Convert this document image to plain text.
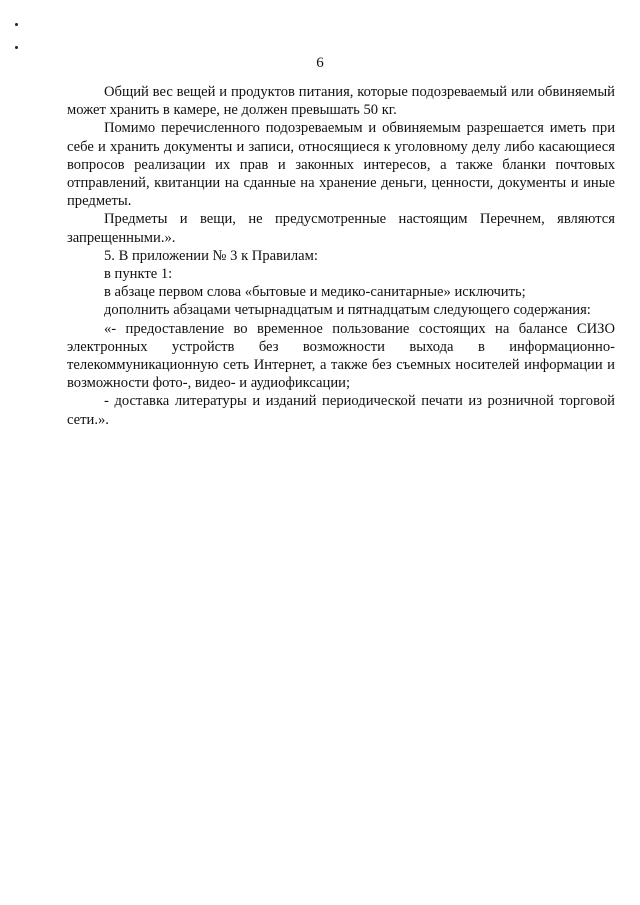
6

Общий вес вещей и продуктов питания, которые подозреваемый или обвиняемый может хранить в камере, не должен превышать 50 кг.

Помимо перечисленного подозреваемым и обвиняемым разрешается иметь при себе и хранить документы и записи, относящиеся к уголовному делу либо касающиеся вопросов реализации их прав и законных интересов, а также бланки почтовых отправлений, квитанции на сданные на хранение деньги, ценности, документы и иные предметы.

Предметы и вещи, не предусмотренные настоящим Перечнем, являются запрещенными.».

5. В приложении № 3 к Правилам:

в пункте 1:

в абзаце первом слова «бытовые и медико-санитарные» исключить;

дополнить абзацами четырнадцатым и пятнадцатым следующего содержания:

«- предоставление во временное пользование состоящих на балансе СИЗО электронных устройств без возможности выхода в информационно-телекоммуникационную сеть Интернет, а также без съемных носителей информации и возможности фото-, видео- и аудиофиксации;

- доставка литературы и изданий периодической печати из розничной торговой сети.».
